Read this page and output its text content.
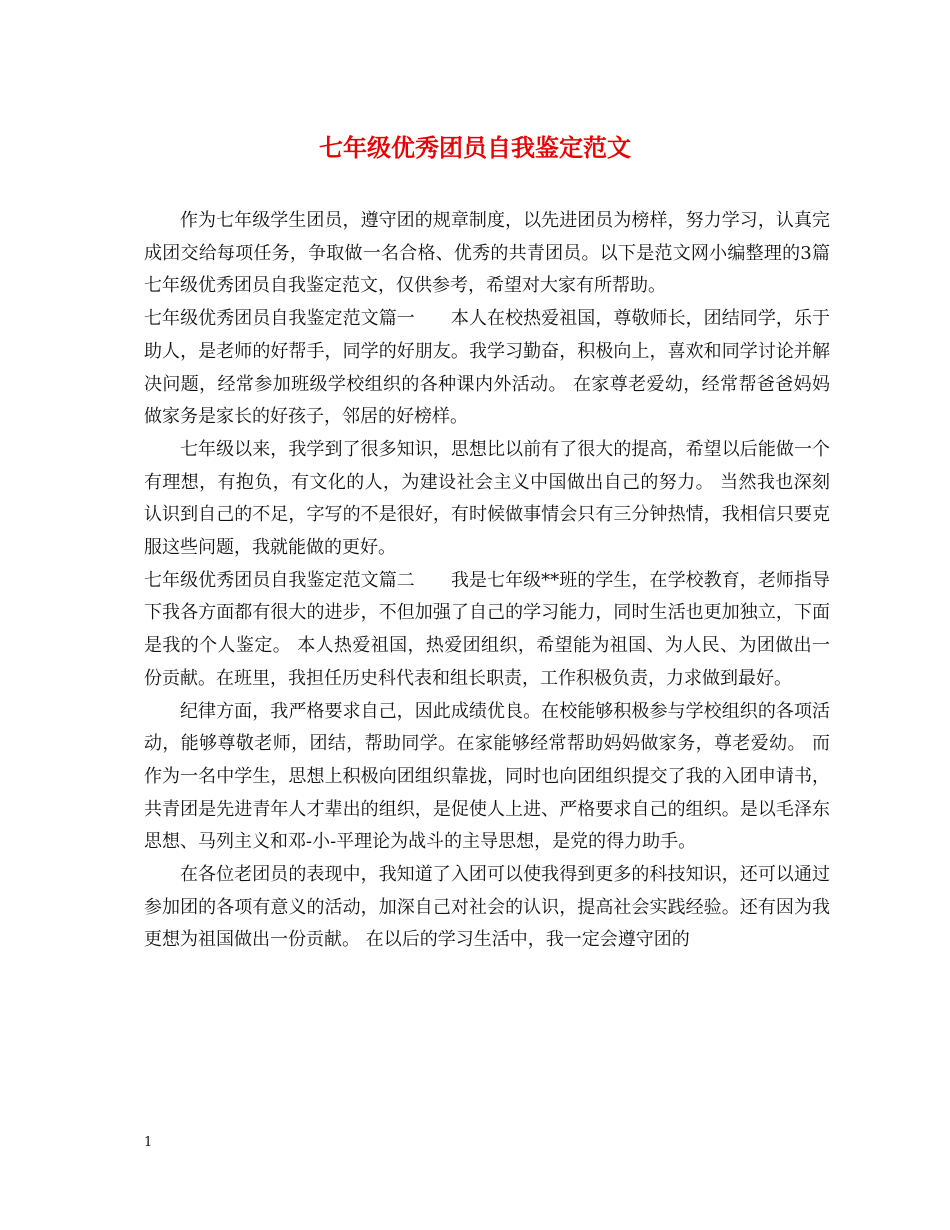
七年级优秀团员自我鉴定范文

作为七年级学生团员，遵守团的规章制度，以先进团员为榜样，努力学习，认真完成团交给每项任务，争取做一名合格、优秀的共青团员。以下是范文网小编整理的3篇七年级优秀团员自我鉴定范文，仅供参考，希望对大家有所帮助。

七年级优秀团员自我鉴定范文篇一　　本人在校热爱祖国，尊敬师长，团结同学，乐于助人，是老师的好帮手，同学的好朋友。我学习勤奋，积极向上，喜欢和同学讨论并解决问题，经常参加班级学校组织的各种课内外活动。 在家尊老爱幼，经常帮爸爸妈妈做家务是家长的好孩子，邻居的好榜样。

七年级以来，我学到了很多知识，思想比以前有了很大的提高，希望以后能做一个有理想，有抱负，有文化的人，为建设社会主义中国做出自己的努力。 当然我也深刻认识到自己的不足，字写的不是很好，有时候做事情会只有三分钟热情，我相信只要克服这些问题，我就能做的更好。

七年级优秀团员自我鉴定范文篇二　　我是七年级**班的学生，在学校教育，老师指导下我各方面都有很大的进步，不但加强了自己的学习能力，同时生活也更加独立，下面是我的个人鉴定。 本人热爱祖国，热爱团组织，希望能为祖国、为人民、为团做出一份贡献。在班里，我担任历史科代表和组长职责，工作积极负责，力求做到最好。

纪律方面，我严格要求自己，因此成绩优良。在校能够积极参与学校组织的各项活动，能够尊敬老师，团结，帮助同学。在家能够经常帮助妈妈做家务，尊老爱幼。 而作为一名中学生，思想上积极向团组织靠拢，同时也向团组织提交了我的入团申请书，共青团是先进青年人才辈出的组织，是促使人上进、严格要求自己的组织。是以毛泽东思想、马列主义和邓-小-平理论为战斗的主导思想，是党的得力助手。

在各位老团员的表现中，我知道了入团可以使我得到更多的科技知识，还可以通过参加团的各项有意义的活动，加深自己对社会的认识，提高社会实践经验。还有因为我更想为祖国做出一份贡献。 在以后的学习生活中，我一定会遵守团的

1
